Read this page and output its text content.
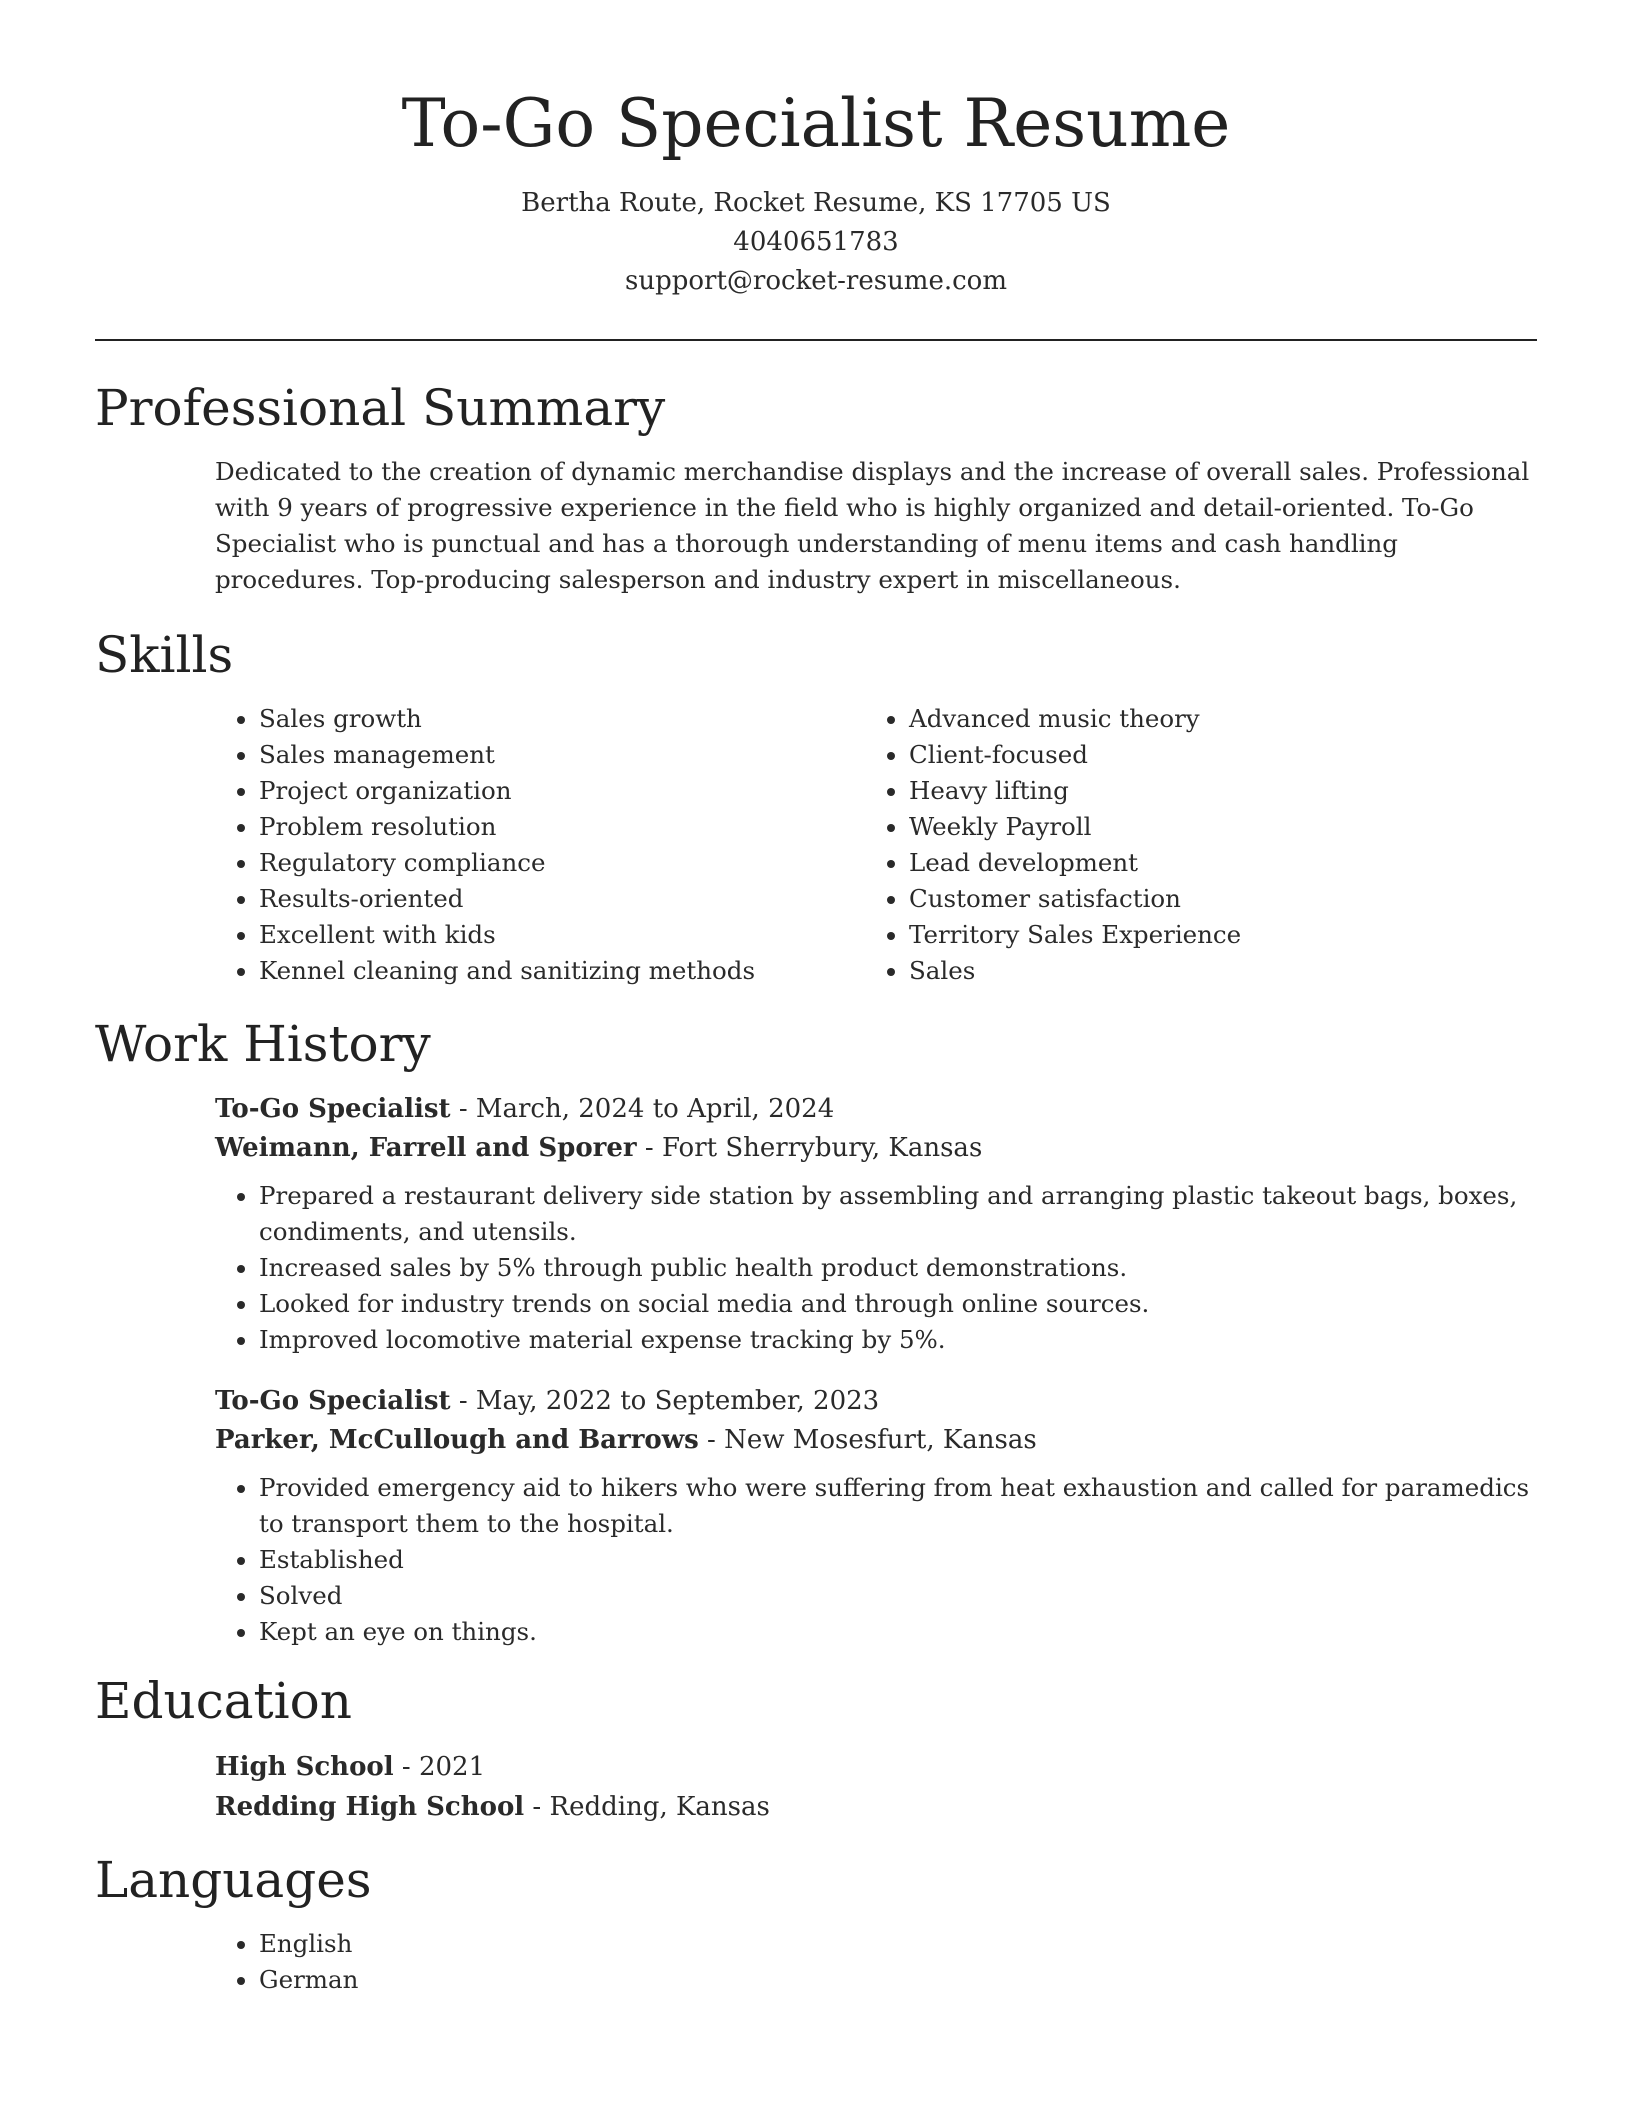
To-Go Specialist Resume
Bertha Route, Rocket Resume, KS 17705 US
4040651783
support@rocket-resume.com
Professional Summary

Dedicated to the creation of dynamic merchandise displays and the increase of overall sales. Professional with 9 years of progressive experience in the field who is highly organized and detail-oriented. To-Go Specialist who is punctual and has a thorough understanding of menu items and cash handling procedures. Top-producing salesperson and industry expert in miscellaneous.

Skills
• Sales growth
• Sales management
• Project organization
• Problem resolution
• Regulatory compliance
• Results-oriented
• Excellent with kids
• Kennel cleaning and sanitizing methods
• Advanced music theory
• Client-focused
• Heavy lifting
• Weekly Payroll
• Lead development
• Customer satisfaction
• Territory Sales Experience
• Sales
Work History
To-Go Specialist - March, 2024 to April, 2024
Weimann, Farrell and Sporer - Fort Sherrybury, Kansas
• Prepared a restaurant delivery side station by assembling and arranging plastic takeout bags, boxes, condiments, and utensils.
• Increased sales by 5% through public health product demonstrations.
• Looked for industry trends on social media and through online sources.
• Improved locomotive material expense tracking by 5%.
To-Go Specialist - May, 2022 to September, 2023
Parker, McCullough and Barrows - New Mosesfurt, Kansas
• Provided emergency aid to hikers who were suffering from heat exhaustion and called for paramedics to transport them to the hospital.
• Established
• Solved
• Kept an eye on things.
Education
High School - 2021
Redding High School - Redding, Kansas
Languages
• English
• German
